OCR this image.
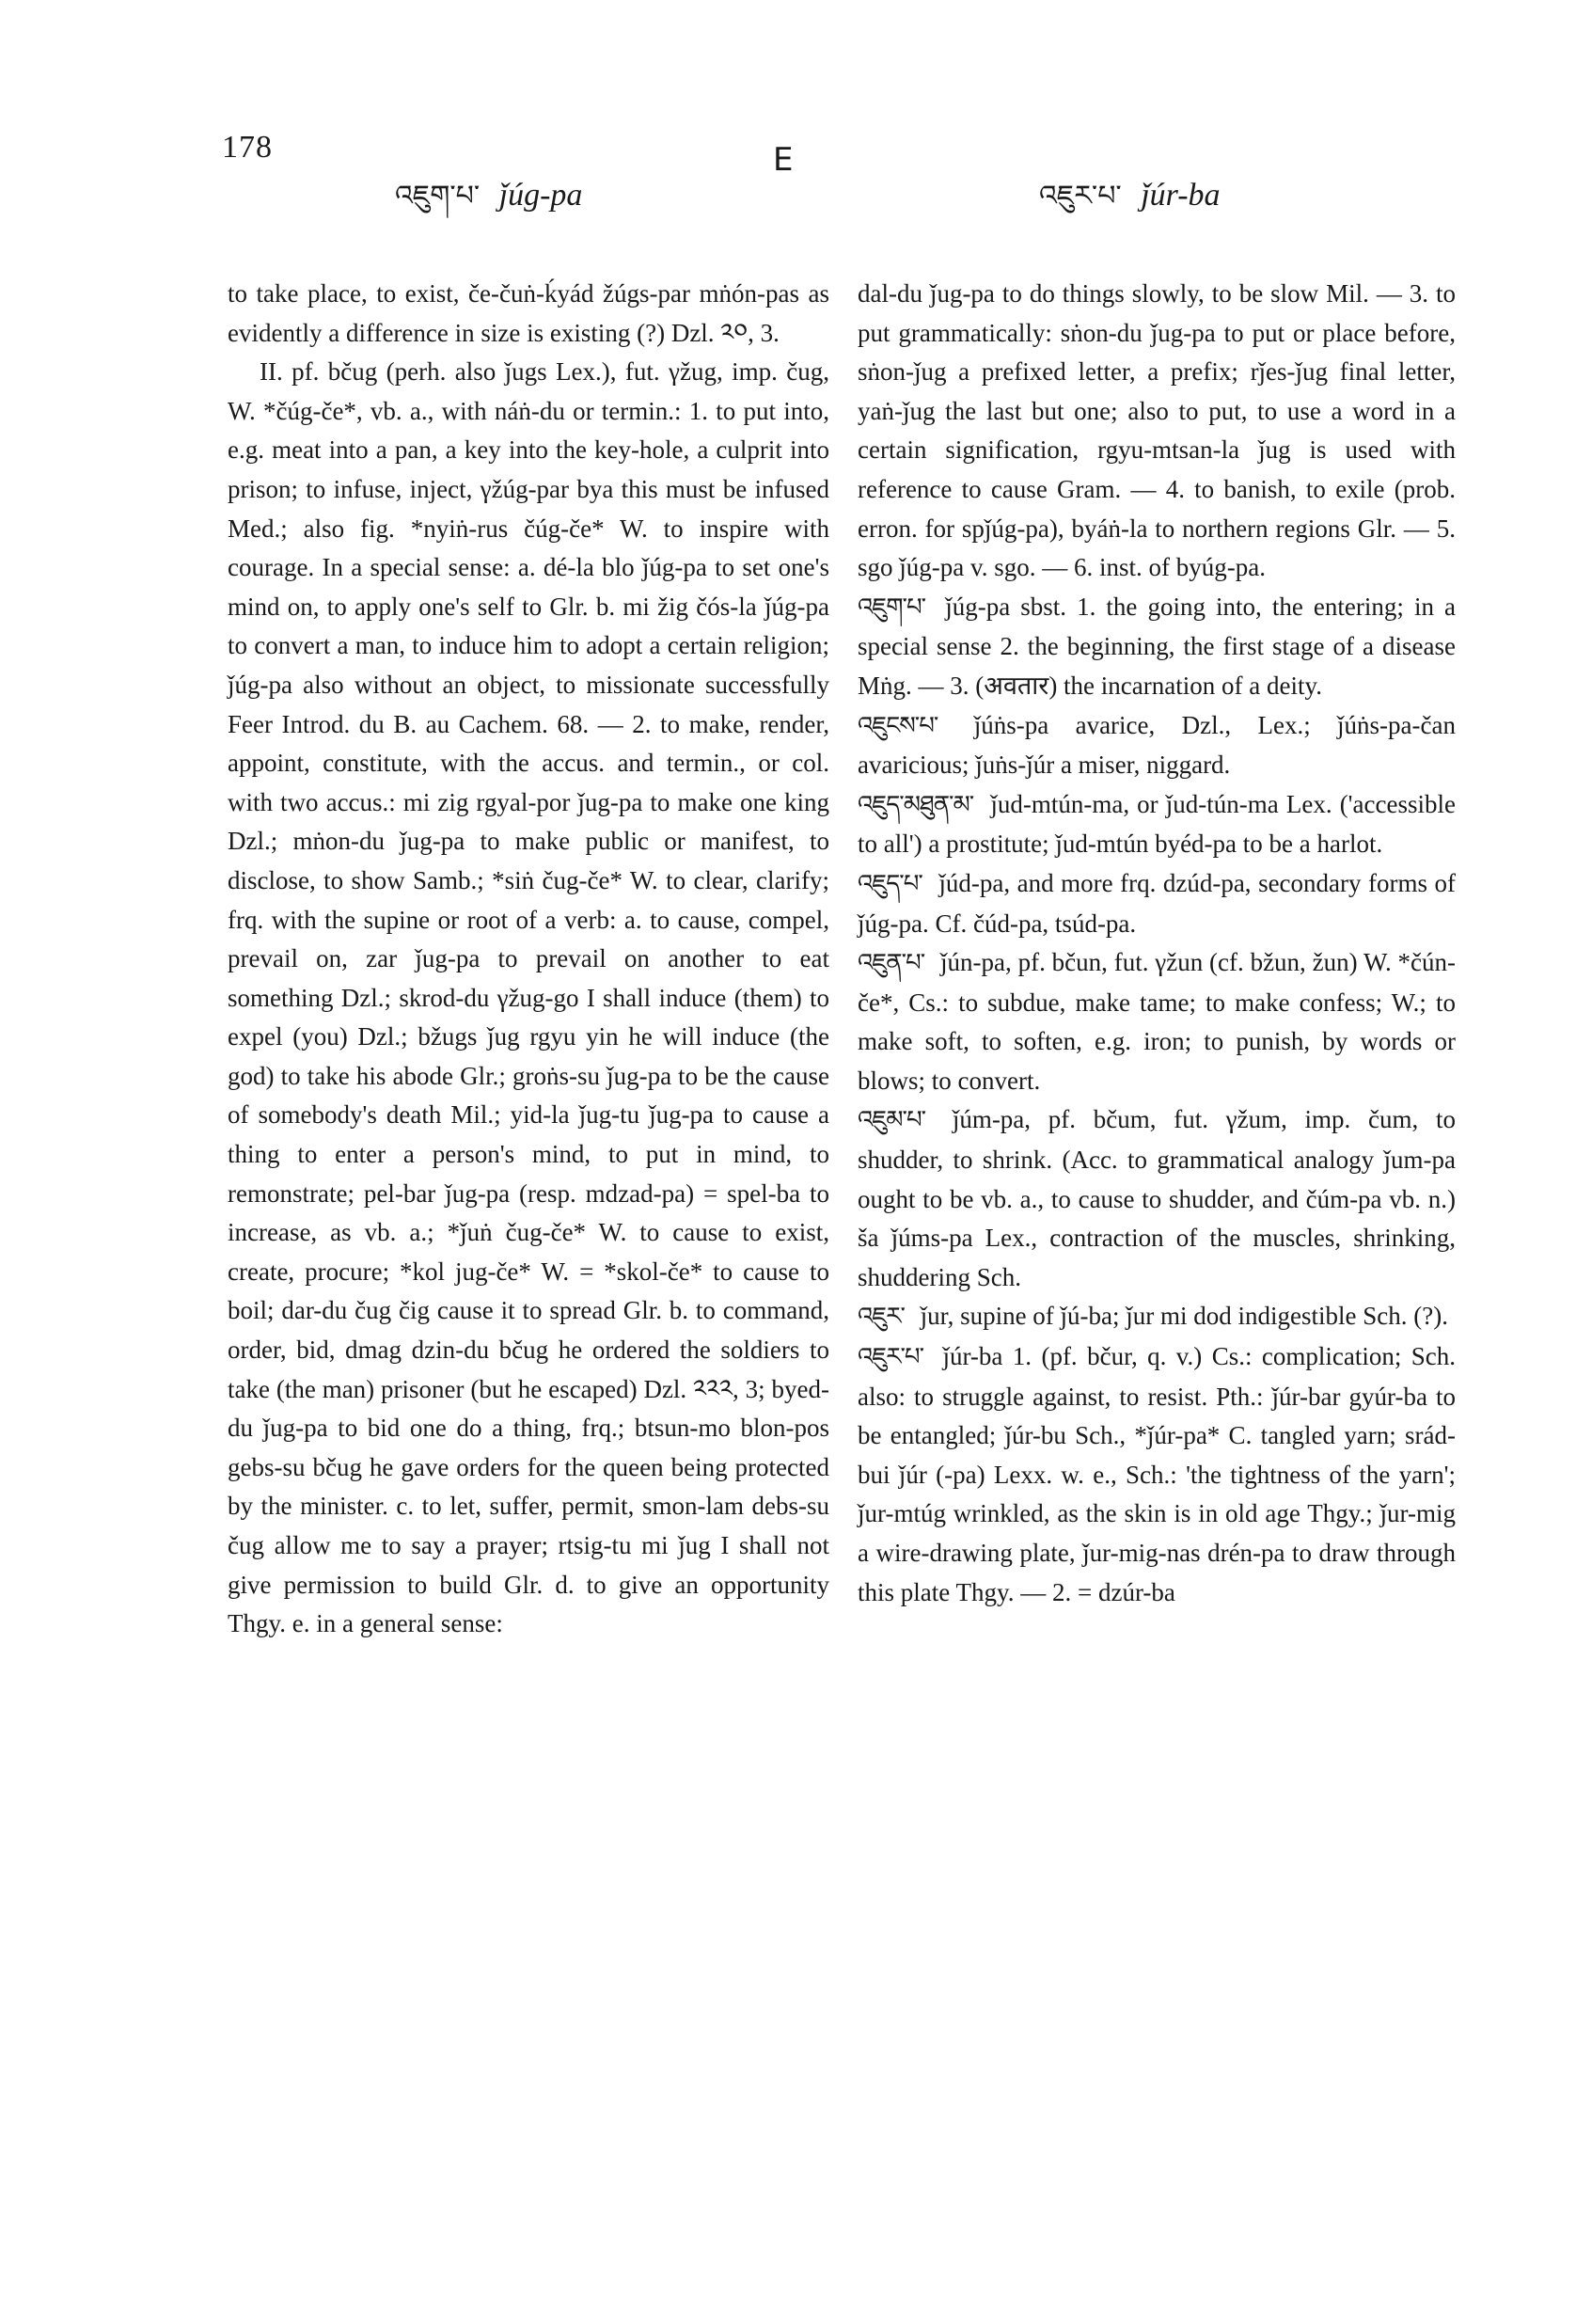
178	E
འཇུག་པ་ ǰúg-pa	འཇུར་པ་ ǰúr-ba

to take place, to exist, če-čuṅ-ḱyád žúgs-par mṅón-pas as evidently a difference in size is existing (?) Dzl. ༢༠, 3.

II. pf. bčug (perh. also ǰugs Lex.), fut. γžug, imp. čug, W. *čúg-če*, vb. a., with náṅ-du or termin.: 1. to put into, e.g. meat into a pan, a key into the key-hole, a culprit into prison; to infuse, inject, γžúg-par bya this must be infused Med.; also fig. *nyiṅ-rus čúg-če* W. to inspire with courage. In a special sense: a. dé-la blo ǰúg-pa to set one's mind on, to apply one's self to Glr. b. mi žig čós-la ǰúg-pa to convert a man, to induce him to adopt a certain religion; ǰúg-pa also without an object, to missionate successfully Feer Introd. du B. au Cachem. 68. — 2. to make, render, appoint, constitute, with the accus. and termin., or col. with two accus.: mi zig rgyal-por ǰug-pa to make one king Dzl.; mṅon-du ǰug-pa to make public or manifest, to disclose, to show Samb.; *siṅ čug-če* W. to clear, clarify; frq. with the supine or root of a verb: a. to cause, compel, prevail on, zar ǰug-pa to prevail on another to eat something Dzl.; skrod-du γžug-go I shall induce (them) to expel (you) Dzl.; bžugs ǰug rgyu yin he will induce (the god) to take his abode Glr.; groṅs-su ǰug-pa to be the cause of somebody's death Mil.; yid-la ǰug-tu ǰug-pa to cause a thing to enter a person's mind, to put in mind, to remonstrate; pel-bar ǰug-pa (resp. mdzad-pa) = spel-ba to increase, as vb. a.; *ǰuṅ čug-če* W. to cause to exist, create, procure; *kol jug-če* W. = *skol-če* to cause to boil; dar-du čug čig cause it to spread Glr. b. to command, order, bid, dmag dzin-du bčug he ordered the soldiers to take (the man) prisoner (but he escaped) Dzl. ༢༢༢, 3; byed-du ǰug-pa to bid one do a thing, frq.; btsun-mo blon-pos gebs-su bčug he gave orders for the queen being protected by the minister. c. to let, suffer, permit, smon-lam debs-su čug allow me to say a prayer; rtsig-tu mi ǰug I shall not give permission to build Glr. d. to give an opportunity Thgy. e. in a general sense:

dal-du ǰug-pa to do things slowly, to be slow Mil. — 3. to put grammatically: sṅon-du ǰug-pa to put or place before, sṅon-ǰug a prefixed letter, a prefix; rǰes-ǰug final letter, yaṅ-ǰug the last but one; also to put, to use a word in a certain signification, rgyu-mtsan-la ǰug is used with reference to cause Gram. — 4. to banish, to exile (prob. erron. for spǰúg-pa), byáṅ-la to northern regions Glr. — 5. sgo ǰúg-pa v. sgo. — 6. inst. of byúg-pa.

འཇུག་པ་ ǰúg-pa sbst. 1. the going into, the entering; in a special sense 2. the beginning, the first stage of a disease Mṅg. — 3. (अवतार) the incarnation of a deity.

འཇུངས་པ་ ǰúṅs-pa avarice, Dzl., Lex.; ǰúṅs-pa-čan avaricious; ǰuṅs-ǰúr a miser, niggard.

འཇུད་མཐུན་མ་ ǰud-mtún-ma, or ǰud-tún-ma Lex. ('accessible to all') a prostitute; ǰud-mtún byéd-pa to be a harlot.

འཇུད་པ་ ǰúd-pa, and more frq. dzúd-pa, secondary forms of ǰúg-pa. Cf. čúd-pa, tsúd-pa.

འཇུན་པ་ ǰún-pa, pf. bčun, fut. γžun (cf. bžun, žun) W. *čún-če*, Cs.: to subdue, make tame; to make confess; W.; to make soft, to soften, e.g. iron; to punish, by words or blows; to convert.

འཇུམ་པ་ ǰúm-pa, pf. bčum, fut. γžum, imp. čum, to shudder, to shrink. (Acc. to grammatical analogy ǰum-pa ought to be vb. a., to cause to shudder, and čúm-pa vb. n.) ša ǰúms-pa Lex., contraction of the muscles, shrinking, shuddering Sch.

འཇུར་ ǰur, supine of ǰú-ba; ǰur mi dod indigestible Sch. (?).

འཇུར་པ་ ǰúr-ba 1. (pf. bčur, q. v.) Cs.: complication; Sch. also: to struggle against, to resist. Pth.: ǰúr-bar gyúr-ba to be entangled; ǰúr-bu Sch., *ǰúr-pa* C. tangled yarn; srád-bui ǰúr (-pa) Lexx. w. e., Sch.: 'the tightness of the yarn'; ǰur-mtúg wrinkled, as the skin is in old age Thgy.; ǰur-mig a wire-drawing plate, ǰur-mig-nas drén-pa to draw through this plate Thgy. — 2. = dzúr-ba
